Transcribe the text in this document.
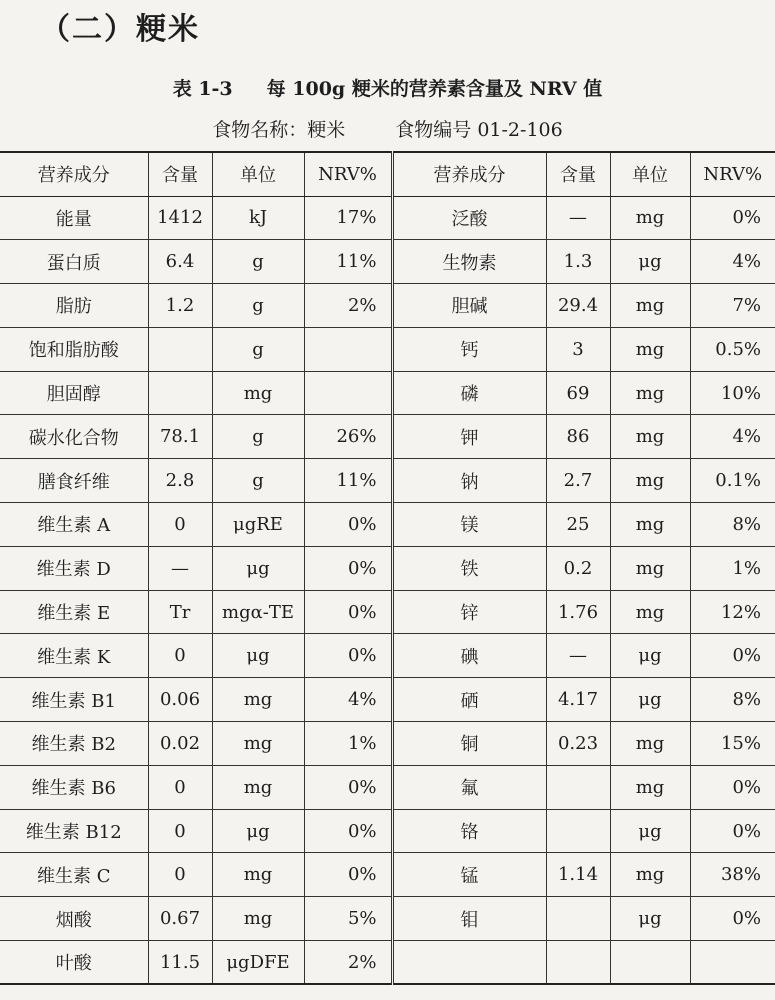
（二）粳米

表 1-3 每 100g 粳米的营养素含量及 NRV 值

食物名称：粳米	食物编号 01-2-106
营养成分	含量	单位	NRV%	营养成分	含量	单位	NRV%
能量	1412	kJ	17%	泛酸	—	mg	0%
蛋白质	6.4	g	11%	生物素	1.3	μg	4%
脂肪	1.2	g	2%	胆碱	29.4	mg	7%
饱和脂肪酸		g		钙	3	mg	0.5%
胆固醇		mg		磷	69	mg	10%
碳水化合物	78.1	g	26%	钾	86	mg	4%
膳食纤维	2.8	g	11%	钠	2.7	mg	0.1%
维生素 A	0	μgRE	0%	镁	25	mg	8%
维生素 D	—	μg	0%	铁	0.2	mg	1%
维生素 E	Tr	mgα-TE	0%	锌	1.76	mg	12%
维生素 K	0	μg	0%	碘	—	μg	0%
维生素 B1	0.06	mg	4%	硒	4.17	μg	8%
维生素 B2	0.02	mg	1%	铜	0.23	mg	15%
维生素 B6	0	mg	0%	氟		mg	0%
维生素 B12	0	μg	0%	铬		μg	0%
维生素 C	0	mg	0%	锰	1.14	mg	38%
烟酸	0.67	mg	5%	钼		μg	0%
叶酸	11.5	μgDFE	2%				
